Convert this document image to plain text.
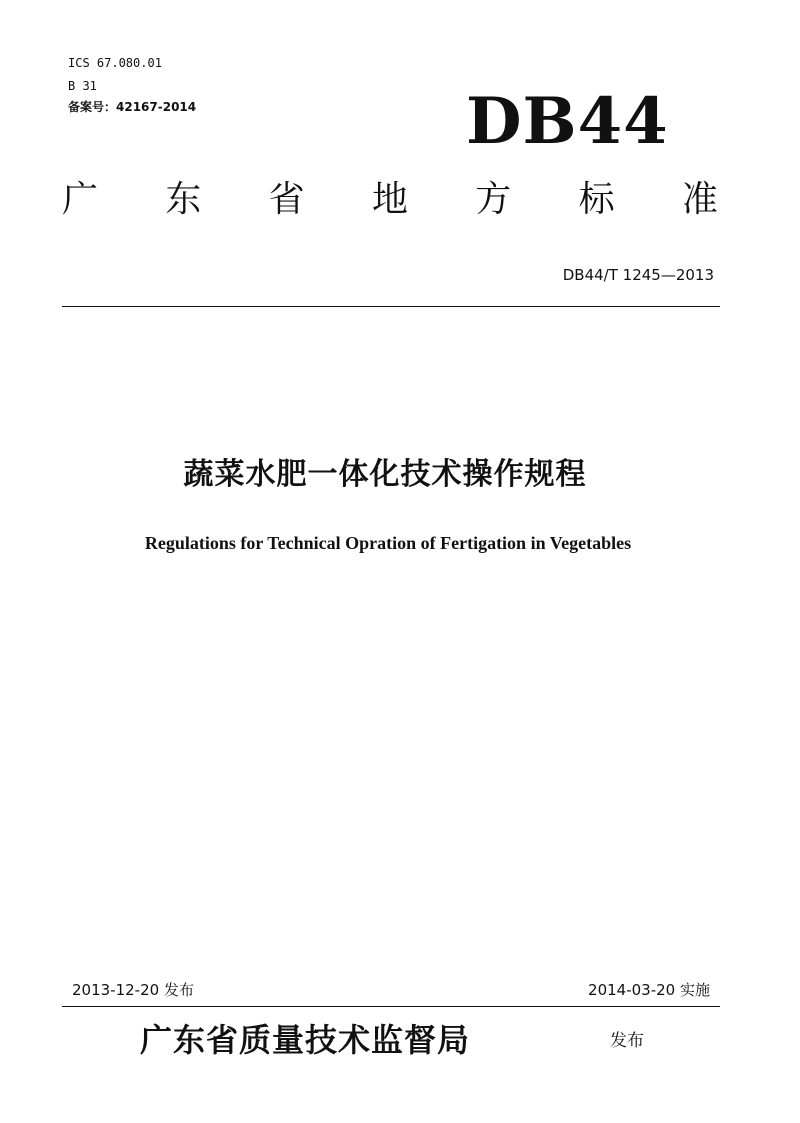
ICS 67.080.01
B 31
备案号：42167-2014	DB44
广 东 省 地 方 标 准
DB44/T 1245—2013
蔬菜水肥一体化技术操作规程
Regulations for Technical Opration of Fertigation in Vegetables
2013-12-20 发布	2014-03-20 实施
广东省质量技术监督局	发布
